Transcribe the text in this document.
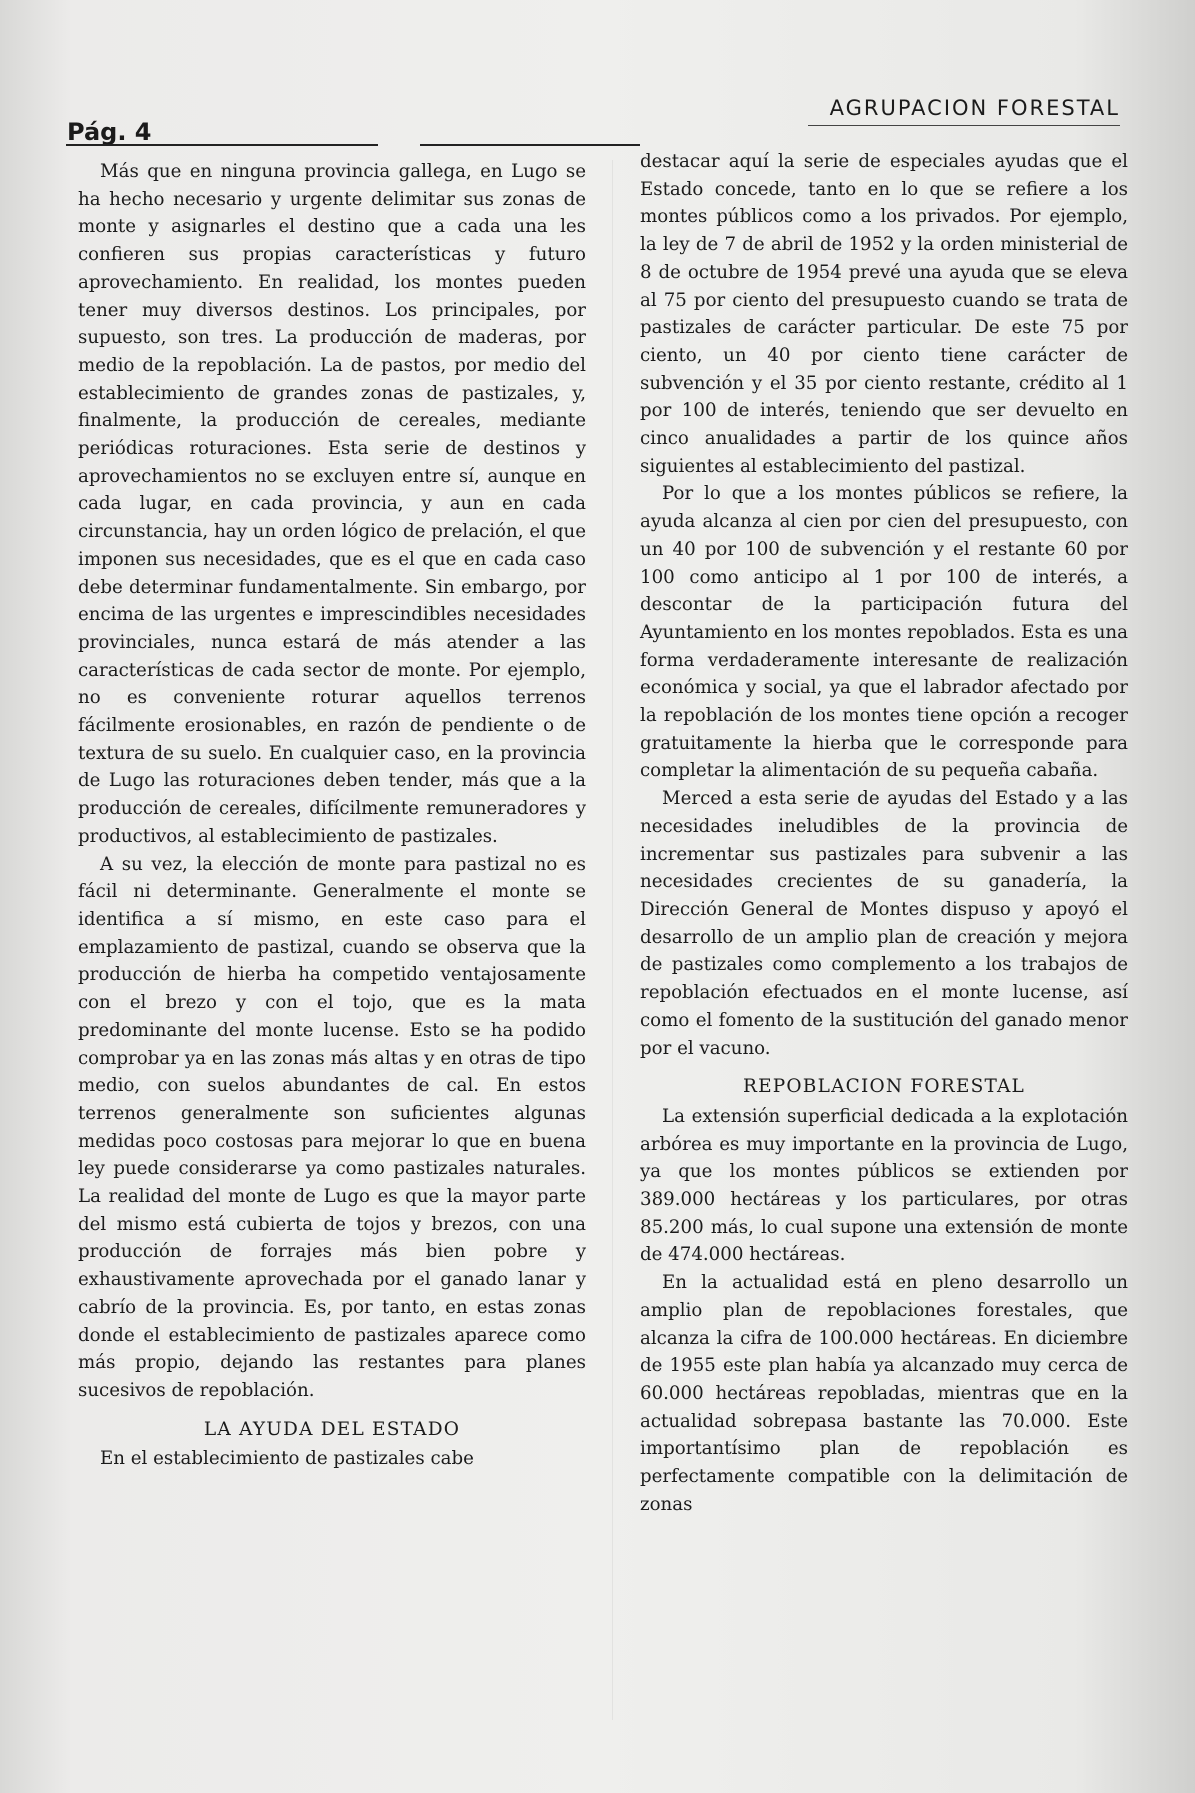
Pág. 4
AGRUPACION FORESTAL

Más que en ninguna provincia gallega, en Lugo se ha hecho necesario y urgente delimitar sus zonas de monte y asignarles el destino que a cada una les confieren sus propias características y futuro aprovechamiento. En realidad, los montes pueden tener muy diversos destinos. Los principales, por supuesto, son tres. La producción de maderas, por medio de la repoblación. La de pastos, por medio del establecimiento de grandes zonas de pastizales, y, finalmente, la producción de cereales, mediante periódicas roturaciones. Esta serie de destinos y aprovechamientos no se excluyen entre sí, aunque en cada lugar, en cada provincia, y aun en cada circunstancia, hay un orden lógico de prelación, el que imponen sus necesidades, que es el que en cada caso debe determinar fundamentalmente. Sin embargo, por encima de las urgentes e imprescindibles necesidades provinciales, nunca estará de más atender a las características de cada sector de monte. Por ejemplo, no es conveniente roturar aquellos terrenos fácilmente erosionables, en razón de pendiente o de textura de su suelo. En cualquier caso, en la provincia de Lugo las roturaciones deben tender, más que a la producción de cereales, difícilmente remuneradores y productivos, al establecimiento de pastizales.

A su vez, la elección de monte para pastizal no es fácil ni determinante. Generalmente el monte se identifica a sí mismo, en este caso para el emplazamiento de pastizal, cuando se observa que la producción de hierba ha competido ventajosamente con el brezo y con el tojo, que es la mata predominante del monte lucense. Esto se ha podido comprobar ya en las zonas más altas y en otras de tipo medio, con suelos abundantes de cal. En estos terrenos generalmente son suficientes algunas medidas poco costosas para mejorar lo que en buena ley puede considerarse ya como pastizales naturales. La realidad del monte de Lugo es que la mayor parte del mismo está cubierta de tojos y brezos, con una producción de forrajes más bien pobre y exhaustivamente aprovechada por el ganado lanar y cabrío de la provincia. Es, por tanto, en estas zonas donde el establecimiento de pastizales aparece como más propio, dejando las restantes para planes sucesivos de repoblación.

LA AYUDA DEL ESTADO

En el establecimiento de pastizales cabe

destacar aquí la serie de especiales ayudas que el Estado concede, tanto en lo que se refiere a los montes públicos como a los privados. Por ejemplo, la ley de 7 de abril de 1952 y la orden ministerial de 8 de octubre de 1954 prevé una ayuda que se eleva al 75 por ciento del presupuesto cuando se trata de pastizales de carácter particular. De este 75 por ciento, un 40 por ciento tiene carácter de subvención y el 35 por ciento restante, crédito al 1 por 100 de interés, teniendo que ser devuelto en cinco anualidades a partir de los quince años siguientes al establecimiento del pastizal.

Por lo que a los montes públicos se refiere, la ayuda alcanza al cien por cien del presupuesto, con un 40 por 100 de subvención y el restante 60 por 100 como anticipo al 1 por 100 de interés, a descontar de la participación futura del Ayuntamiento en los montes repoblados. Esta es una forma verdaderamente interesante de realización económica y social, ya que el labrador afectado por la repoblación de los montes tiene opción a recoger gratuitamente la hierba que le corresponde para completar la alimentación de su pequeña cabaña.

Merced a esta serie de ayudas del Estado y a las necesidades ineludibles de la provincia de incrementar sus pastizales para subvenir a las necesidades crecientes de su ganadería, la Dirección General de Montes dispuso y apoyó el desarrollo de un amplio plan de creación y mejora de pastizales como complemento a los trabajos de repoblación efectuados en el monte lucense, así como el fomento de la sustitución del ganado menor por el vacuno.

REPOBLACION FORESTAL

La extensión superficial dedicada a la explotación arbórea es muy importante en la provincia de Lugo, ya que los montes públicos se extienden por 389.000 hectáreas y los particulares, por otras 85.200 más, lo cual supone una extensión de monte de 474.000 hectáreas.

En la actualidad está en pleno desarrollo un amplio plan de repoblaciones forestales, que alcanza la cifra de 100.000 hectáreas. En diciembre de 1955 este plan había ya alcanzado muy cerca de 60.000 hectáreas repobladas, mientras que en la actualidad sobrepasa bastante las 70.000. Este importantísimo plan de repoblación es perfectamente compatible con la delimitación de zonas
